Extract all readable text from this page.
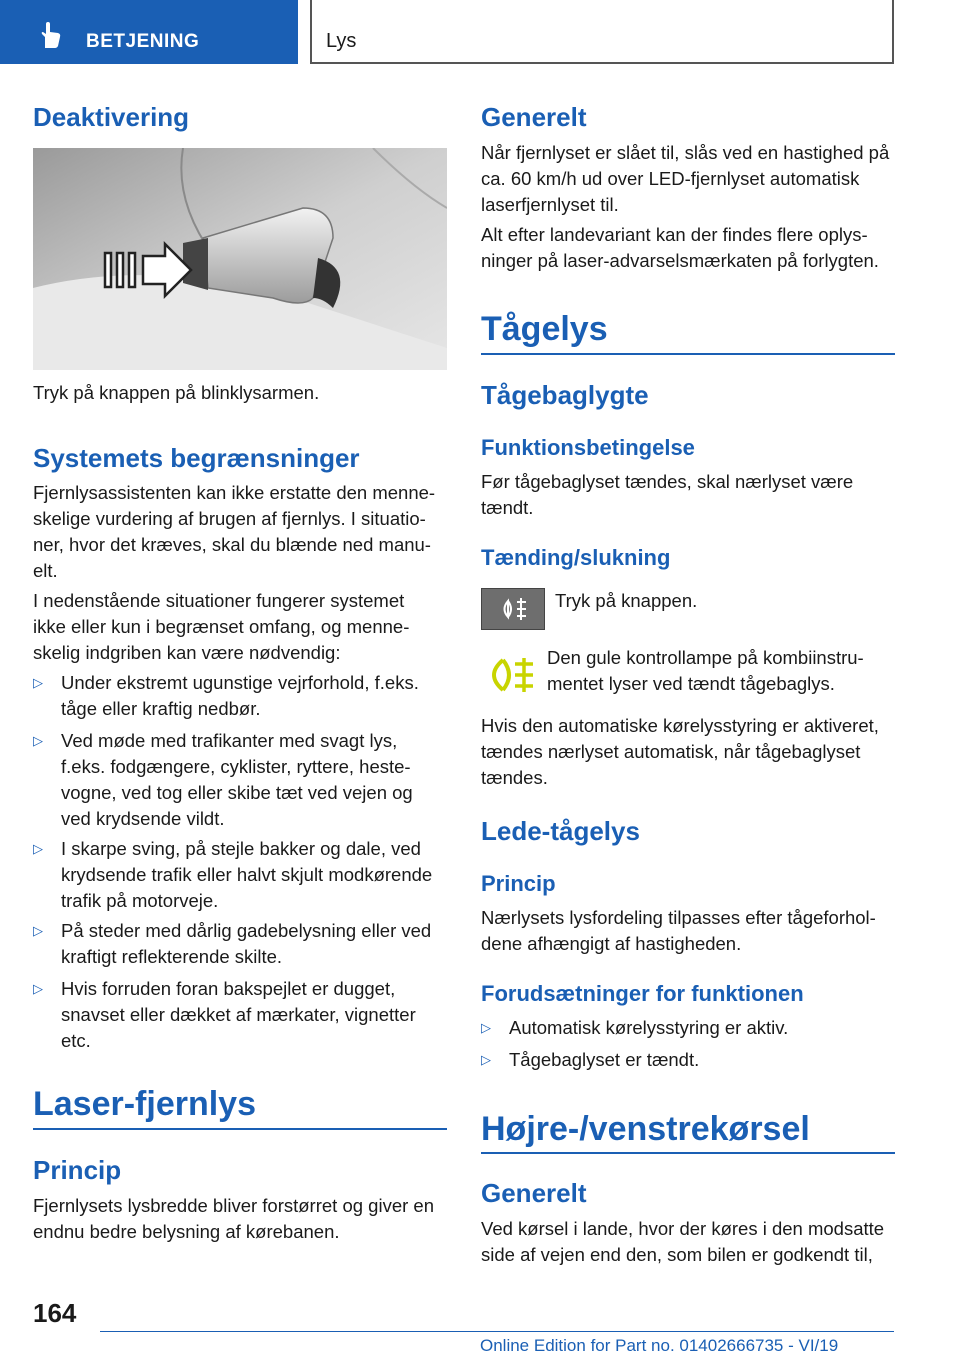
BETJENING	Lys
Deaktivering
Tryk på knappen på blinklysarmen.
Systemets begrænsninger
Fjernlysassistenten kan ikke erstatte den menne-
skelige vurdering af brugen af fjernlys. I situatio-
ner, hvor det kræves, skal du blænde ned manu-
elt.
I nedenstående situationer fungerer systemet
ikke eller kun i begrænset omfang, og menne-
skelig indgriben kan være nødvendig:
▷ Under ekstremt ugunstige vejrforhold, f.eks.
tåge eller kraftig nedbør.
▷ Ved møde med trafikanter med svagt lys,
f.eks. fodgængere, cyklister, ryttere, heste-
vogne, ved tog eller skibe tæt ved vejen og
ved krydsende vildt.
▷ I skarpe sving, på stejle bakker og dale, ved
krydsende trafik eller halvt skjult modkørende
trafik på motorveje.
▷ På steder med dårlig gadebelysning eller ved
kraftigt reflekterende skilte.
▷ Hvis forruden foran bakspejlet er dugget,
snavset eller dækket af mærkater, vignetter
etc.
Laser-fjernlys
Princip
Fjernlysets lysbredde bliver forstørret og giver en
endnu bedre belysning af kørebanen.
Generelt
Når fjernlyset er slået til, slås ved en hastighed på
ca. 60 km/h ud over LED-fjernlyset automatisk
laserfjernlyset til.
Alt efter landevariant kan der findes flere oplys-
ninger på laser-advarselsmærkaten på forlygten.
Tågelys
Tågebaglygte
Funktionsbetingelse
Før tågebaglyset tændes, skal nærlyset være
tændt.
Tænding/slukning
Tryk på knappen.
Den gule kontrollampe på kombiinstru-
mentet lyser ved tændt tågebaglys.
Hvis den automatiske kørelysstyring er aktiveret,
tændes nærlyset automatisk, når tågebaglyset
tændes.
Lede-tågelys
Princip
Nærlysets lysfordeling tilpasses efter tågeforhol-
dene afhængigt af hastigheden.
Forudsætninger for funktionen
▷ Automatisk kørelysstyring er aktiv.
▷ Tågebaglyset er tændt.
Højre-/venstrekørsel
Generelt
Ved kørsel i lande, hvor der køres i den modsatte
side af vejen end den, som bilen er godkendt til,
164
Online Edition for Part no. 01402666735 - VI/19
